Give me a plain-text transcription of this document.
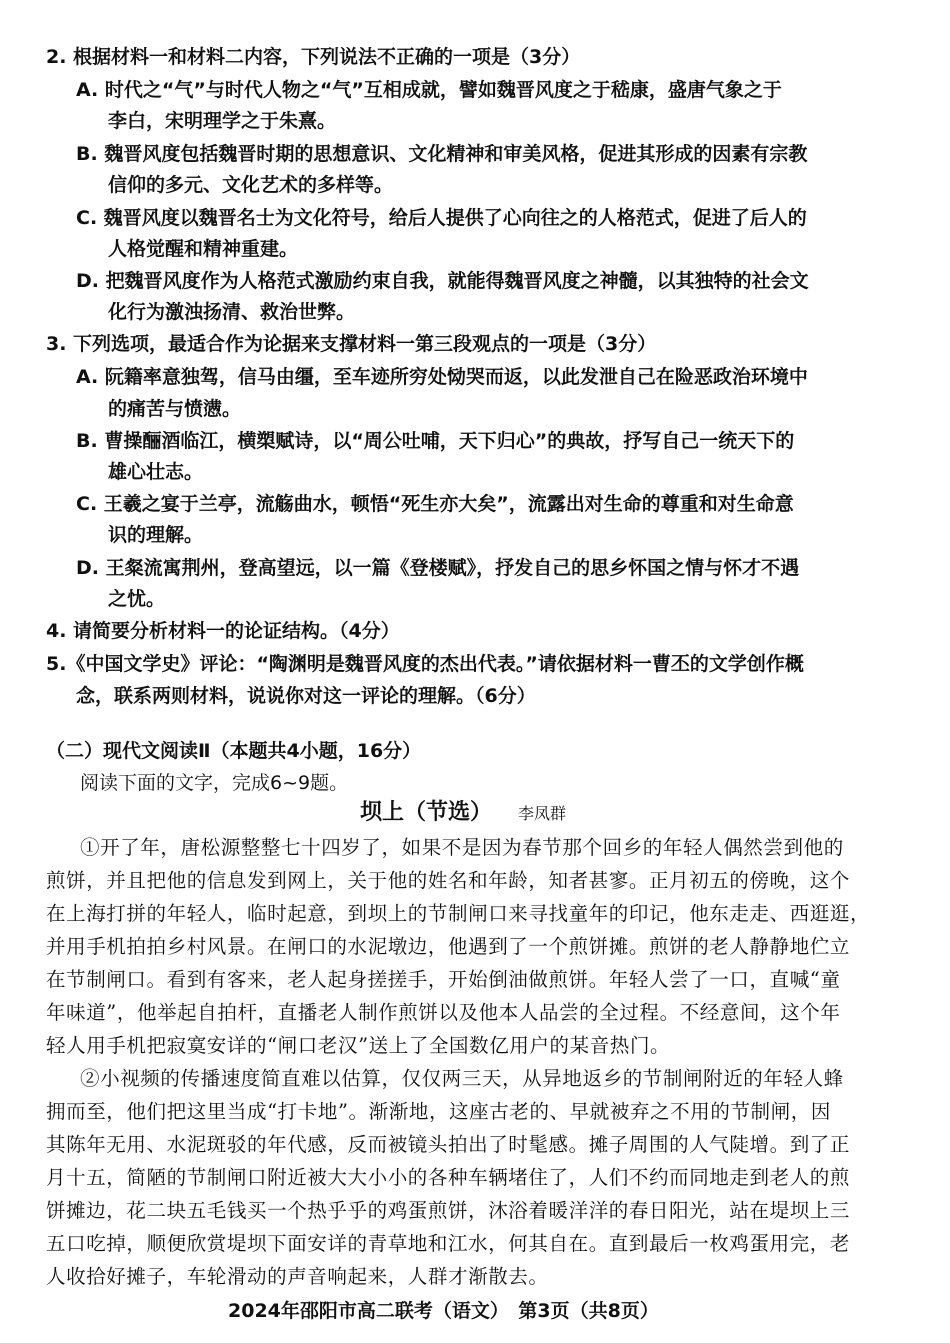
2. 根据材料一和材料二内容，下列说法不正确的一项是（3分）
A. 时代之“气”与时代人物之“气”互相成就，譬如魏晋风度之于嵇康，盛唐气象之于
李白，宋明理学之于朱熹。
B. 魏晋风度包括魏晋时期的思想意识、文化精神和审美风格，促进其形成的因素有宗教
信仰的多元、文化艺术的多样等。
C. 魏晋风度以魏晋名士为文化符号，给后人提供了心向往之的人格范式，促进了后人的
人格觉醒和精神重建。
D. 把魏晋风度作为人格范式激励约束自我，就能得魏晋风度之神髓，以其独特的社会文
化行为激浊扬清、救治世弊。
3. 下列选项，最适合作为论据来支撑材料一第三段观点的一项是（3分）
A. 阮籍率意独驾，信马由缰，至车迹所穷处恸哭而返，以此发泄自己在险恶政治环境中
的痛苦与愤懑。
B. 曹操酾酒临江，横槊赋诗，以“周公吐哺，天下归心”的典故，抒写自己一统天下的
雄心壮志。
C. 王羲之宴于兰亭，流觞曲水，顿悟“死生亦大矣”，流露出对生命的尊重和对生命意
识的理解。
D. 王粲流寓荆州，登高望远，以一篇《登楼赋》，抒发自己的思乡怀国之情与怀才不遇
之忧。
4. 请简要分析材料一的论证结构。（4分）
5.《中国文学史》评论：“陶渊明是魏晋风度的杰出代表。”请依据材料一曹丕的文学创作概
念，联系两则材料，说说你对这一评论的理解。（6分）
（二）现代文阅读Ⅱ（本题共4小题，16分）
阅读下面的文字，完成6~9题。
坝上（节选） 李凤群
①开了年，唐松源整整七十四岁了，如果不是因为春节那个回乡的年轻人偶然尝到他的
煎饼，并且把他的信息发到网上，关于他的姓名和年龄，知者甚寥。正月初五的傍晚，这个
在上海打拼的年轻人，临时起意，到坝上的节制闸口来寻找童年的印记，他东走走、西逛逛，
并用手机拍拍乡村风景。在闸口的水泥墩边，他遇到了一个煎饼摊。煎饼的老人静静地伫立
在节制闸口。看到有客来，老人起身搓搓手，开始倒油做煎饼。年轻人尝了一口，直喊“童
年味道”，他举起自拍杆，直播老人制作煎饼以及他本人品尝的全过程。不经意间，这个年
轻人用手机把寂寞安详的“闸口老汉”送上了全国数亿用户的某音热门。
②小视频的传播速度简直难以估算，仅仅两三天，从异地返乡的节制闸附近的年轻人蜂
拥而至，他们把这里当成“打卡地”。渐渐地，这座古老的、早就被弃之不用的节制闸，因
其陈年无用、水泥斑驳的年代感，反而被镜头拍出了时髦感。摊子周围的人气陡增。到了正
月十五，简陋的节制闸口附近被大大小小的各种车辆堵住了，人们不约而同地走到老人的煎
饼摊边，花二块五毛钱买一个热乎乎的鸡蛋煎饼，沐浴着暖洋洋的春日阳光，站在堤坝上三
五口吃掉，顺便欣赏堤坝下面安详的青草地和江水，何其自在。直到最后一枚鸡蛋用完，老
人收拾好摊子，车轮滑动的声音响起来，人群才渐散去。
2024年邵阳市高二联考（语文）　第3页（共8页）
